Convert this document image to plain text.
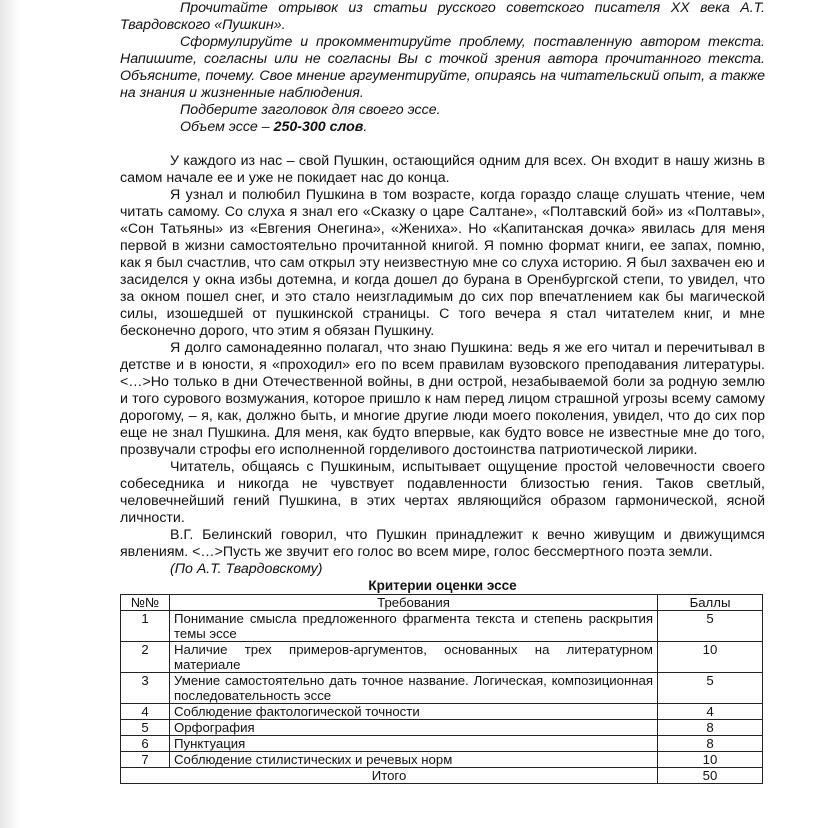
Прочитайте отрывок из статьи русского советского писателя XX века А.Т. Твардовского «Пушкин».

Сформулируйте и прокомментируйте проблему, поставленную автором текста. Напишите, согласны или не согласны Вы с точкой зрения автора прочитанного текста. Объясните, почему. Свое мнение аргументируйте, опираясь на читательский опыт, а также на знания и жизненные наблюдения.

Подберите заголовок для своего эссе.

Объем эссе – 250-300 слов.

У каждого из нас – свой Пушкин, остающийся одним для всех. Он входит в нашу жизнь в самом начале ее и уже не покидает нас до конца.

Я узнал и полюбил Пушкина в том возрасте, когда гораздо слаще слушать чтение, чем читать самому. Со слуха я знал его «Сказку о царе Салтане», «Полтавский бой» из «Полтавы», «Сон Татьяны» из «Евгения Онегина», «Жениха». Но «Капитанская дочка» явилась для меня первой в жизни самостоятельно прочитанной книгой. Я помню формат книги, ее запах, помню, как я был счастлив, что сам открыл эту неизвестную мне со слуха историю. Я был захвачен ею и засиделся у окна избы дотемна, и когда дошел до бурана в Оренбургской степи, то увидел, что за окном пошел снег, и это стало неизгладимым до сих пор впечатлением как бы магической силы, изошедшей от пушкинской страницы. С того вечера я стал читателем книг, и мне бесконечно дорого, что этим я обязан Пушкину.

Я долго самонадеянно полагал, что знаю Пушкина: ведь я же его читал и перечитывал в детстве и в юности, я «проходил» его по всем правилам вузовского преподавания литературы. <…>Но только в дни Отечественной войны, в дни острой, незабываемой боли за родную землю и того сурового возмужания, которое пришло к нам перед лицом страшной угрозы всему самому дорогому, – я, как, должно быть, и многие другие люди моего поколения, увидел, что до сих пор еще не знал Пушкина. Для меня, как будто впервые, как будто вовсе не известные мне до того, прозвучали строфы его исполненной горделивого достоинства патриотической лирики.

Читатель, общаясь с Пушкиным, испытывает ощущение простой человечности своего собеседника и никогда не чувствует подавленности близостью гения. Таков светлый, человечнейший гений Пушкина, в этих чертах являющийся образом гармонической, ясной личности.

В.Г. Белинский говорил, что Пушкин принадлежит к вечно живущим и движущимся явлениям. <…>Пусть же звучит его голос во всем мире, голос бессмертного поэта земли.

(По А.Т. Твардовскому)

Критерии оценки эссе

№№	Требования	Баллы
1	Понимание смысла предложенного фрагмента текста и степень раскрытия темы эссе	5
2	Наличие трех примеров-аргументов, основанных на литературном материале	10
3	Умение самостоятельно дать точное название. Логическая, композиционная последовательность эссе	5
4	Соблюдение фактологической точности	4
5	Орфография	8
6	Пунктуация	8
7	Соблюдение стилистических и речевых норм	10
Итого		50
